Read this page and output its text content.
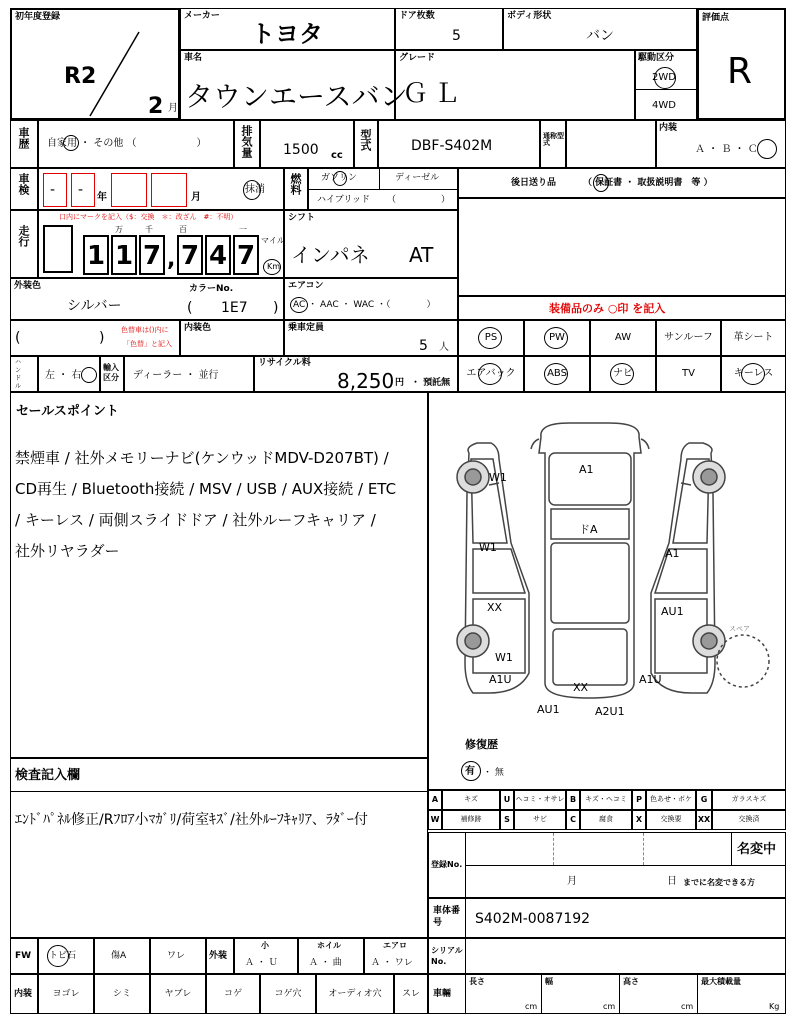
初年度登録
R2
2 月
メーカー
トヨタ
ドア枚数
5
ボディ形状
バン
評価点
R
車名
タウンエースバン
グレード
ＧＬ
駆動区分
2WD
4WD
車歴 自家用 ・ その他 （　　　　　　）	排気量 1500 cc
型式	DBF-S402M
通称型式
内装
Ａ ・ Ｂ ・ Ｃ
車検 - - 年	月
抹消 燃料 ガソリン	ディーゼル
ハイブリッド （　　　　　）
後日送り品	（ 保証書 ・ 取扱説明書　等 ）
走行
口内にマークを記入（$：交換　＊：改ざん　#：不明）
万	千	百	一
1 1 7 , 7 4 7
マイル
Km
シフト
インパネ AT
外装色
シルバー
カラーNo.
( 1E7 )
エアコン
AC ・ AAC ・ WAC ・（　　　　）
(	) 色替車は()内に
「色替」と記入
内装色	乗車定員
5 人
装備品のみ ○印 を記入
PS	PW	AW	サンルーフ	革シート
エアバック	ABS	ナビ	TV	キーレス
ハンドル
左 ・ 右
輸入区分	ディーラー ・ 並行
リサイクル料
8,250 円 ・ 預託無
セールスポイント
禁煙車 / 社外メモリーナビ(ケンウッドMDV-D207BT) /
CD再生 / Bluetooth接続 / MSV / USB / AUX接続 / ETC
/ キーレス / 両側スライドドア / 社外ルーフキャリア /
社外リヤラダー
スペア
A1
W1
ドA
W1	A1
XX	AU1
W1
A1U	A1U
XX
AU1	A2U1
修復歴
有 ・ 無
検査記入欄
ｴﾝﾄﾞﾊﾟﾈﾙ修正/Rﾌﾛｱ小ﾏｶﾞﾘ/荷室ｷｽﾞ/社外ﾙｰﾌｷｬﾘｱ、ﾗﾀﾞｰ付
A	キズ	U ヘコミ・オサレ B	キズ・ヘコミ	P	色あせ・ボケ	G	ガラスキズ
W	補修跡	S	サビ	C	腐食	X	交換要	XX	交換済
登録No.
名変中
月	日 までに名変できる方
車体番号	S402M-0087192
FW トビ石	傷A	ワレ	外装
小
Ａ ・ Ｕ
ホイル
Ａ ・ 曲
エアロ
Ａ ・ ワレ
シリアルNo.
内装	ヨゴレ	シミ	ヤブレ	コゲ	コゲ穴	オーディオ穴	スレ	車輛
長さ
cm
幅
cm
高さ
cm
最大積載量
Kg
